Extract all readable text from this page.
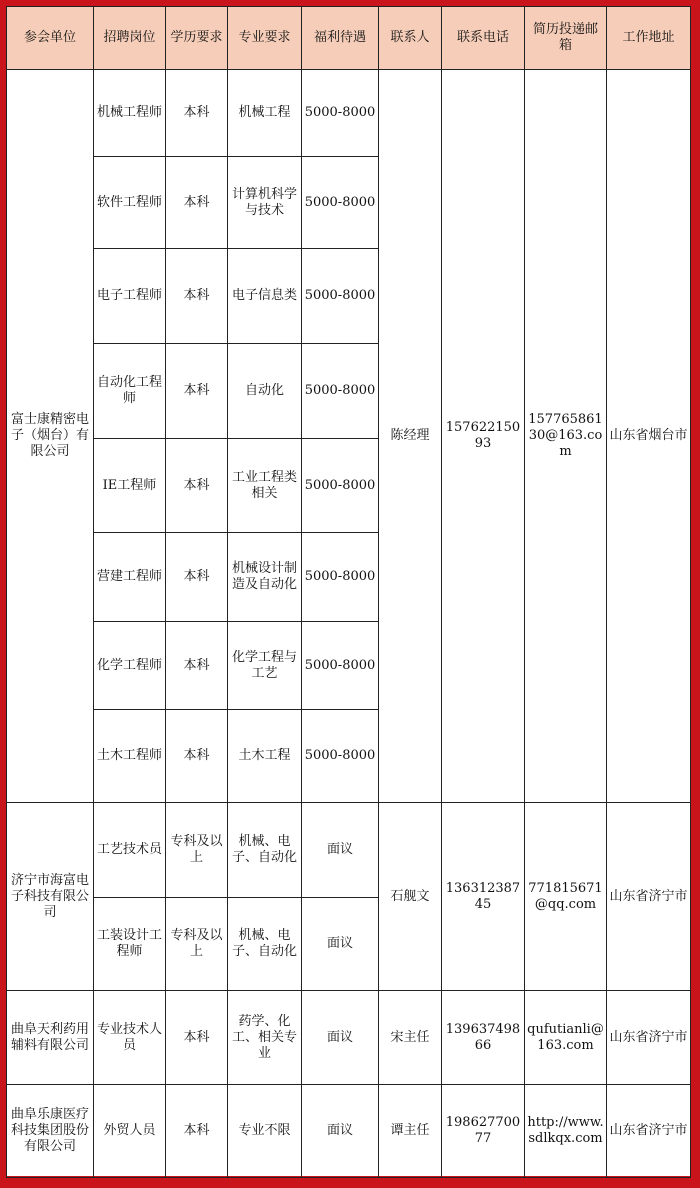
参会单位	招聘岗位	学历要求	专业要求	福利待遇	联系人	联系电话	简历投递邮箱	工作地址
富士康精密电子（烟台）有限公司	机械工程师	本科	机械工程	5000-8000	陈经理	15762215093	15776586130@163.com	山东省烟台市
	软件工程师	本科	计算机科学与技术	5000-8000				
	电子工程师	本科	电子信息类	5000-8000				
	自动化工程师	本科	自动化	5000-8000				
	IE工程师	本科	工业工程类相关	5000-8000				
	营建工程师	本科	机械设计制造及自动化	5000-8000				
	化学工程师	本科	化学工程与工艺	5000-8000				
	土木工程师	本科	土木工程	5000-8000				
济宁市海富电子科技有限公司	工艺技术员	专科及以上	机械、电子、自动化	面议	石舰文	13631238745	771815671@qq.com	山东省济宁市
	工装设计工程师	专科及以上	机械、电子、自动化	面议				
曲阜天利药用辅料有限公司	专业技术人员	本科	药学、化工、相关专业	面议	宋主任	13963749866	qufutianli@163.com	山东省济宁市
曲阜乐康医疗科技集团股份有限公司	外贸人员	本科	专业不限	面议	谭主任	19862770077	http://www.sdlkqx.com	山东省济宁市
